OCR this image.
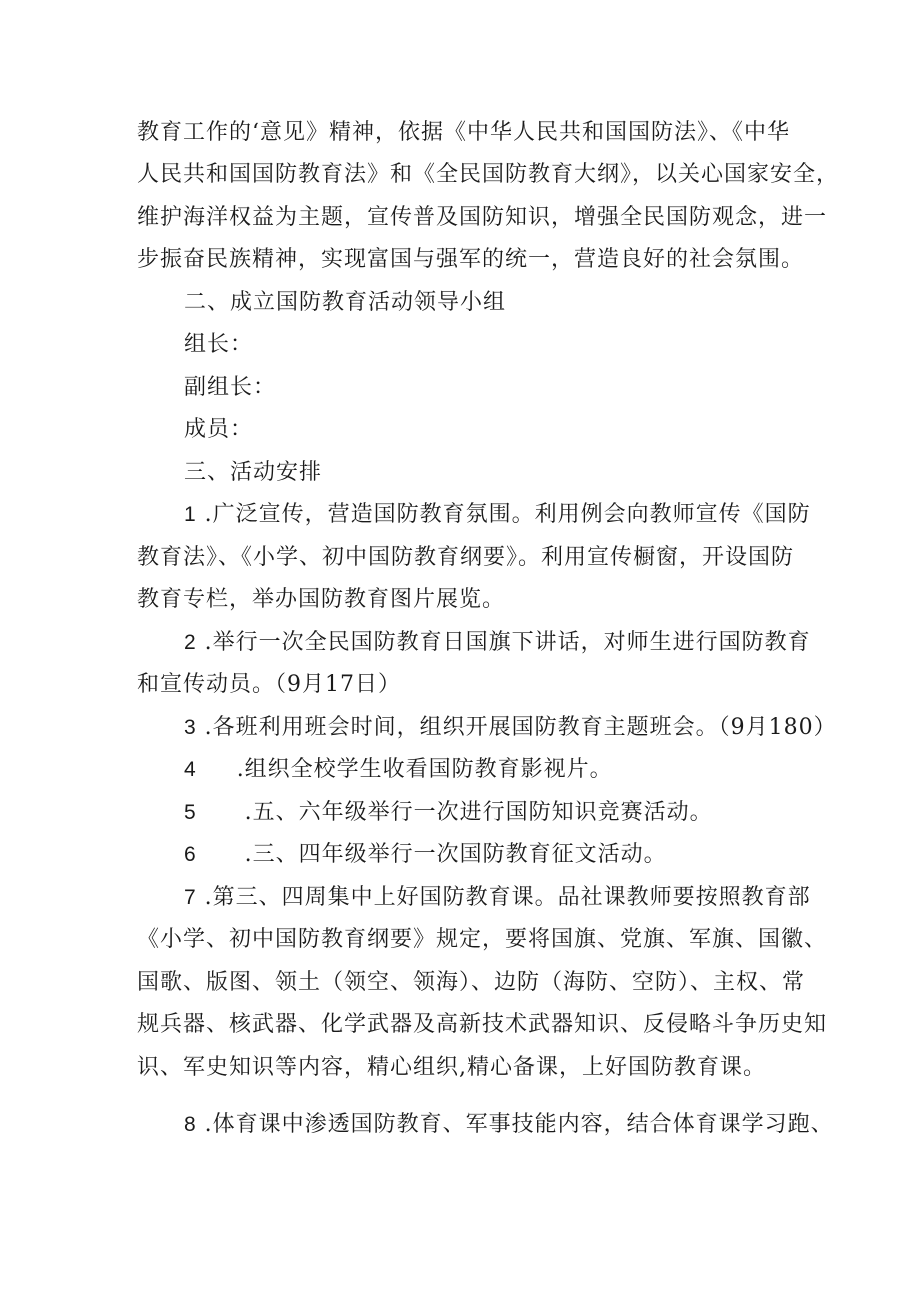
教育工作的‘意见》精神，依据《中华人民共和国国防法》、《中华
人民共和国国防教育法》和《全民国防教育大纲》，以关心国家安全，
维护海洋权益为主题，宣传普及国防知识，增强全民国防观念，进一
步振奋民族精神，实现富国与强军的统一，营造良好的社会氛围。
二、成立国防教育活动领导小组
组长：
副组长：
成员：
三、活动安排
1 .广泛宣传，营造国防教育氛围。利用例会向教师宣传《国防
教育法》、《小学、初中国防教育纲要》。利用宣传橱窗，开设国防
教育专栏，举办国防教育图片展览。
2 .举行一次全民国防教育日国旗下讲话，对师生进行国防教育
和宣传动员。（9月17日）
3 .各班利用班会时间，组织开展国防教育主题班会。（9月180）
4 .组织全校学生收看国防教育影视片。
5 .五、六年级举行一次进行国防知识竞赛活动。
6 .三、四年级举行一次国防教育征文活动。
7 .第三、四周集中上好国防教育课。品社课教师要按照教育部
《小学、初中国防教育纲要》规定，要将国旗、党旗、军旗、国徽、
国歌、版图、领土（领空、领海）、边防（海防、空防）、主权、常
规兵器、核武器、化学武器及高新技术武器知识、反侵略斗争历史知
识、军史知识等内容，精心组织,精心备课，上好国防教育课。
8 .体育课中渗透国防教育、军事技能内容，结合体育课学习跑、
